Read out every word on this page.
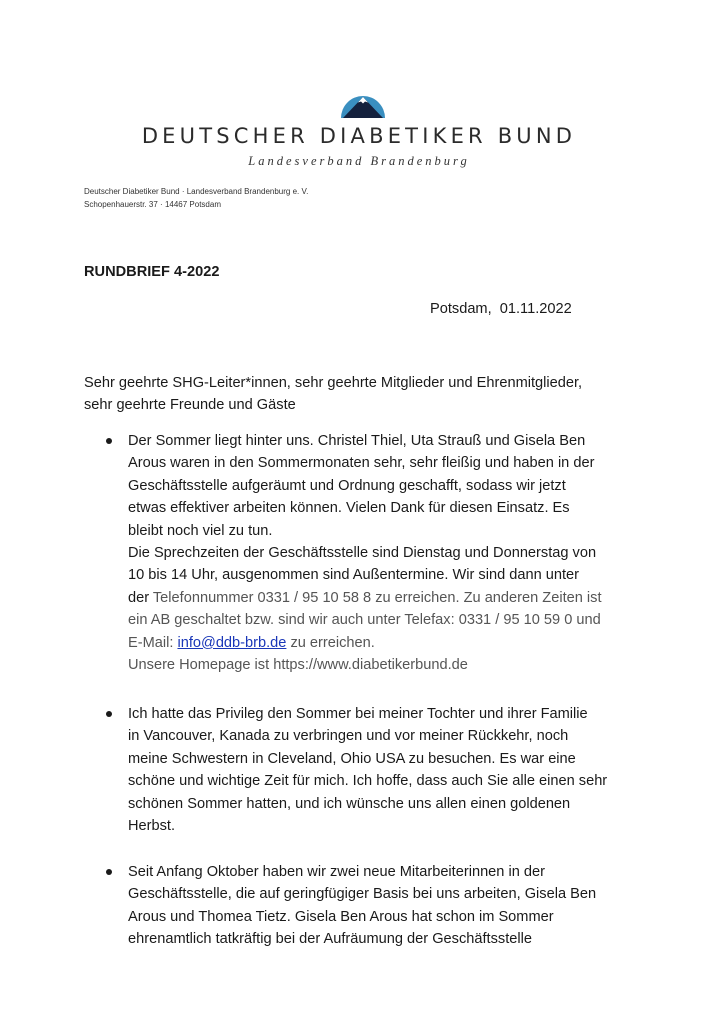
DEUTSCHER DIABETIKER BUND
Landesverband Brandenburg
Deutscher Diabetiker Bund · Landesverband Brandenburg e. V.
Schopenhauerstr. 37 · 14467 Potsdam
RUNDBRIEF 4-2022
Potsdam,  01.11.2022
Sehr geehrte SHG-Leiter*innen, sehr geehrte Mitglieder und Ehrenmitglieder,
sehr geehrte Freunde und Gäste
Der Sommer liegt hinter uns. Christel Thiel, Uta Strauß und Gisela Ben
Arous waren in den Sommermonaten sehr, sehr fleißig und haben in der
Geschäftsstelle aufgeräumt und Ordnung geschafft, sodass wir jetzt
etwas effektiver arbeiten können. Vielen Dank für diesen Einsatz. Es
bleibt noch viel zu tun.
Die Sprechzeiten der Geschäftsstelle sind Dienstag und Donnerstag von
10 bis 14 Uhr, ausgenommen sind Außentermine. Wir sind dann unter
der Telefonnummer 0331 / 95 10 58 8 zu erreichen. Zu anderen Zeiten ist
ein AB geschaltet bzw. sind wir auch unter Telefax: 0331 / 95 10 59 0 und
E-Mail: info@ddb-brb.de zu erreichen.
Unsere Homepage ist https://www.diabetikerbund.de
Ich hatte das Privileg den Sommer bei meiner Tochter und ihrer Familie
in Vancouver, Kanada zu verbringen und vor meiner Rückkehr, noch
meine Schwestern in Cleveland, Ohio USA zu besuchen. Es war eine
schöne und wichtige Zeit für mich. Ich hoffe, dass auch Sie alle einen sehr
schönen Sommer hatten, und ich wünsche uns allen einen goldenen
Herbst.
Seit Anfang Oktober haben wir zwei neue Mitarbeiterinnen in der
Geschäftsstelle, die auf geringfügiger Basis bei uns arbeiten, Gisela Ben
Arous und Thomea Tietz. Gisela Ben Arous hat schon im Sommer
ehrenamtlich tatkräftig bei der Aufräumung der Geschäftsstelle
